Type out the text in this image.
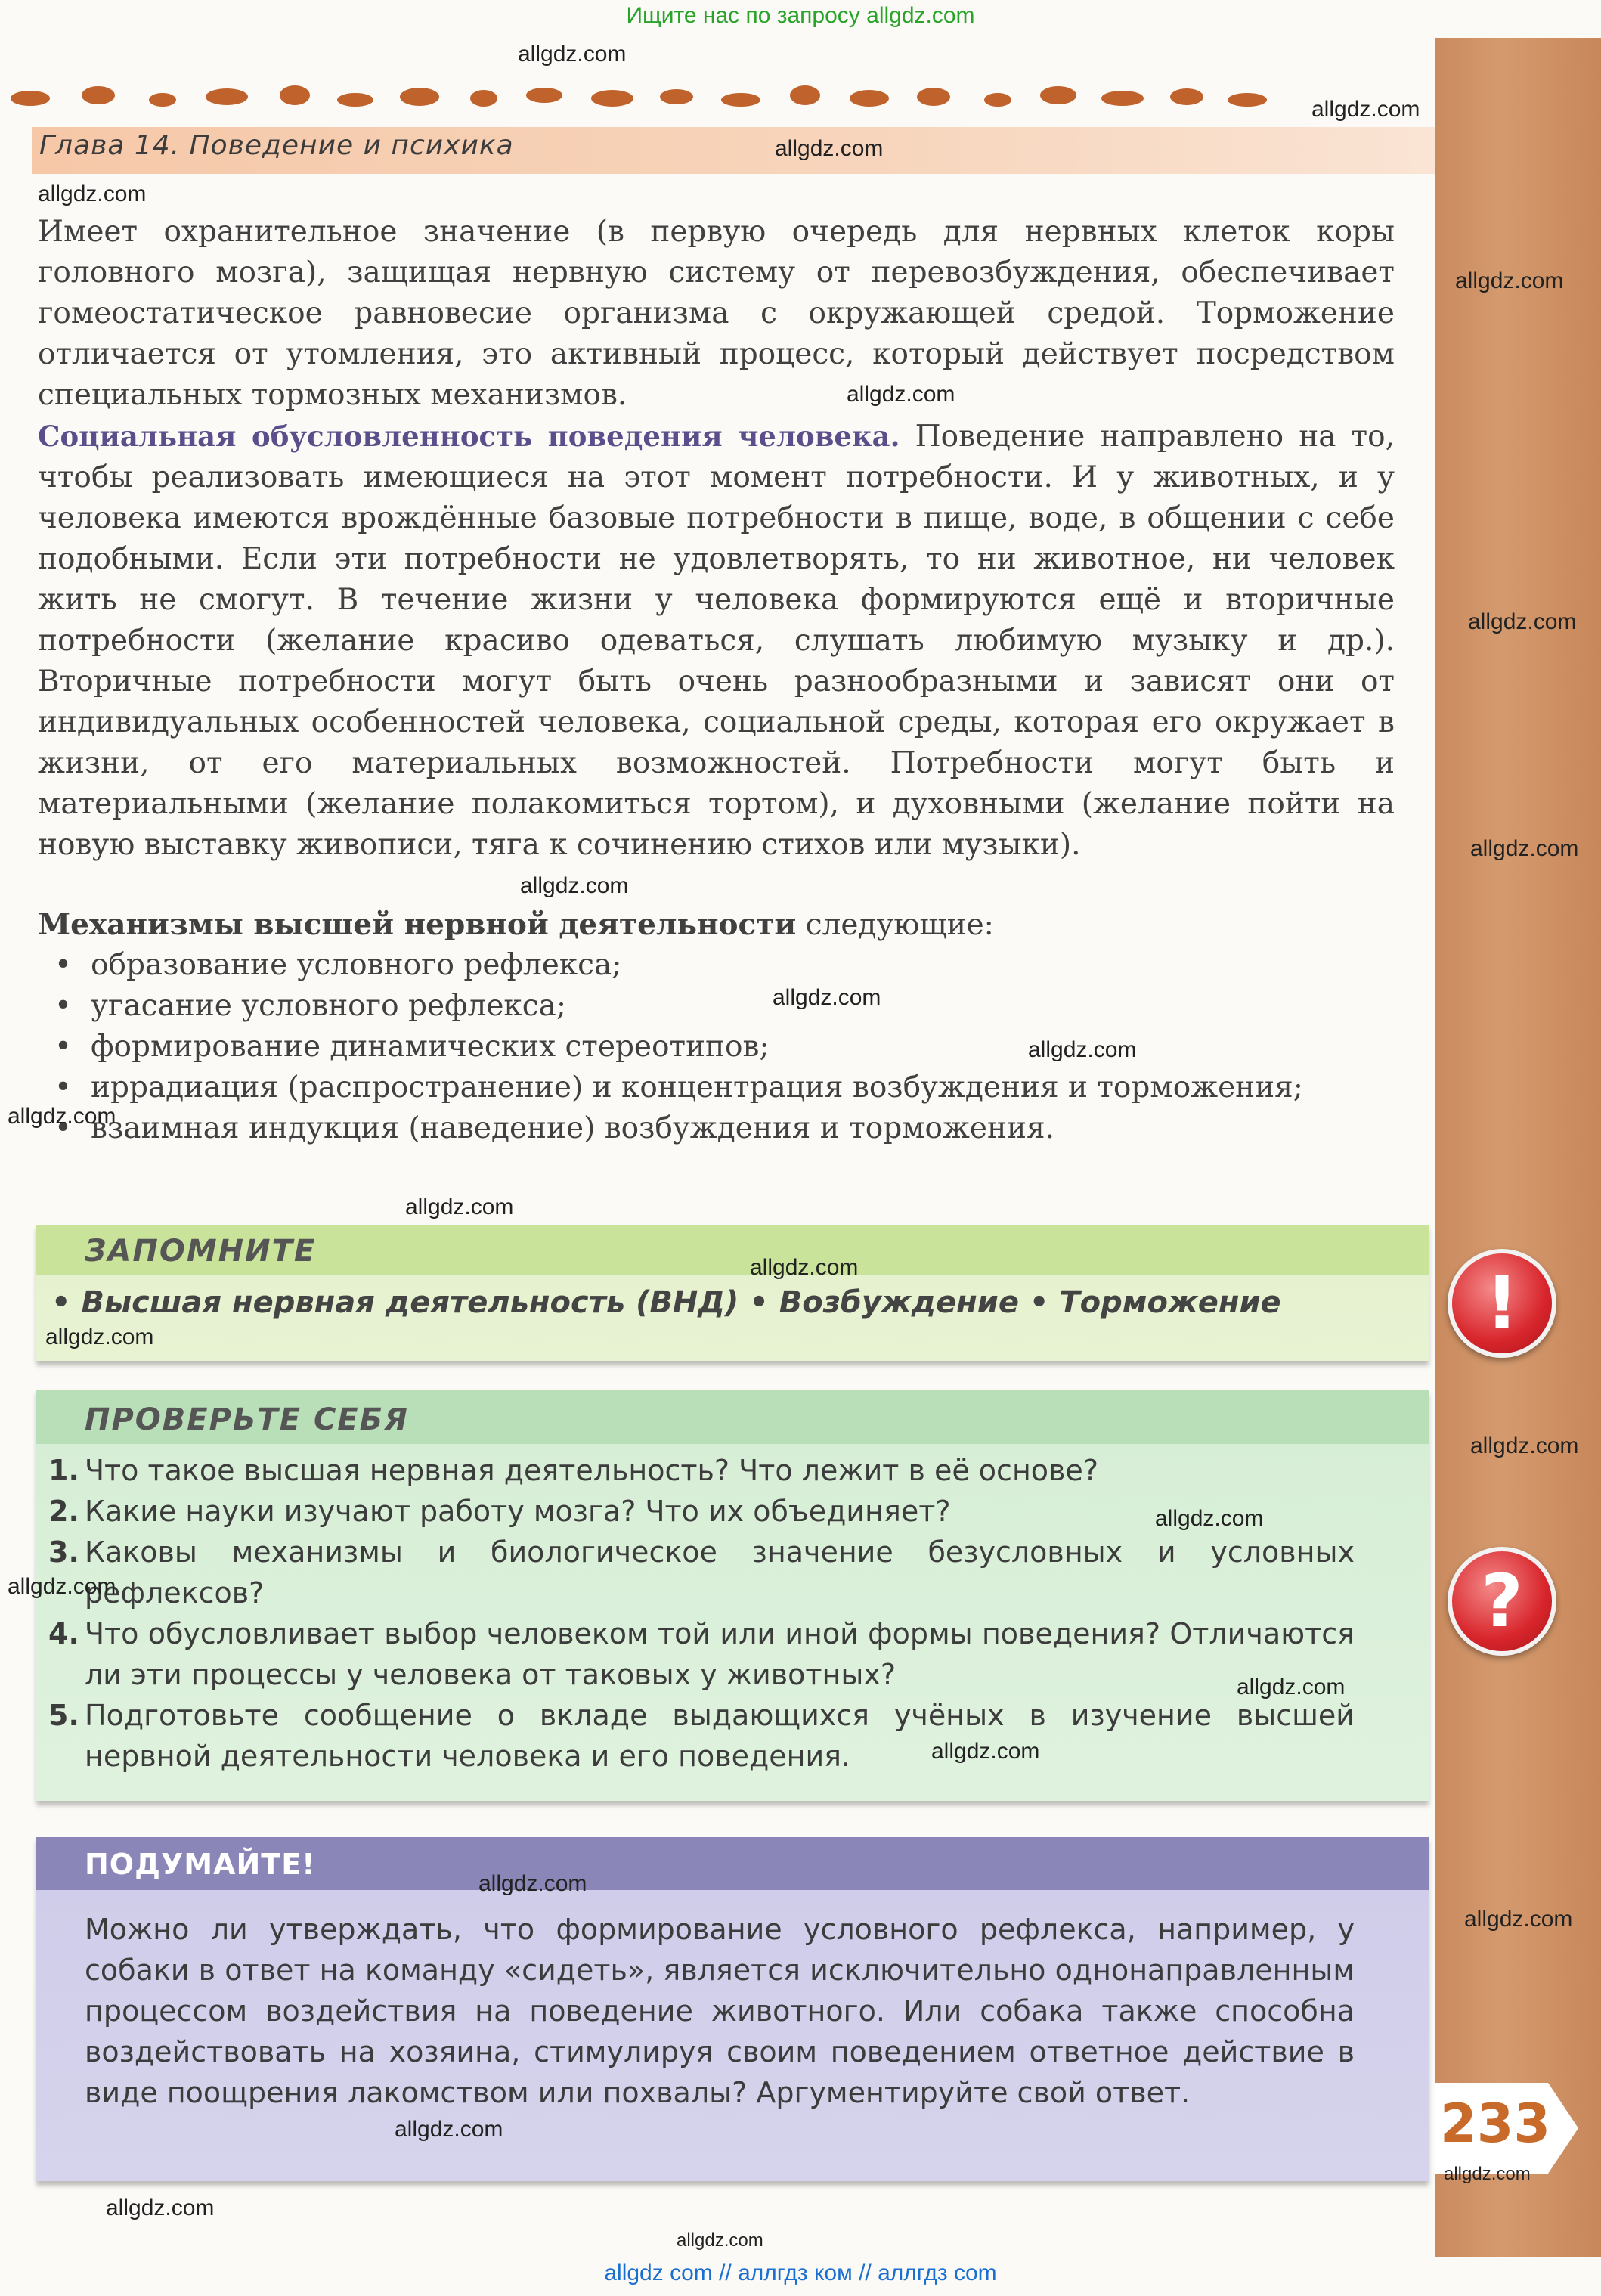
Ищите нас по запросу allgdz.com
Глава 14. Поведение и психика

Имеет охранительное значение (в первую очередь для нервных клеток коры головного мозга), защищая нервную систему от перевозбуждения, обеспечивает гомеостатическое равновесие организма с окружающей средой. Торможение отличается от утомления, это активный процесс, который действует посредством специальных тормозных механизмов.

Социальная обусловленность поведения человека. Поведение направлено на то, чтобы реализовать имеющиеся на этот момент потребности. И у животных, и у человека имеются врождённые базовые потребности в пище, воде, в общении с себе подобными. Если эти потребности не удовлетворять, то ни животное, ни человек жить не смогут. В течение жизни у человека формируются ещё и вторичные потребности (желание красиво одеваться, слушать любимую музыку и др.). Вторичные потребности могут быть очень разнообразными и зависят они от индивидуальных особенностей человека, социальной среды, которая его окружает в жизни, от его материальных возможностей. Потребности могут быть и материальными (желание полакомиться тортом), и духовными (желание пойти на новую выставку живописи, тяга к сочинению стихов или музыки).

Механизмы высшей нервной деятельности следующие:

• образование условного рефлекса;
• угасание условного рефлекса;
• формирование динамических стереотипов;
• иррадиация (распространение) и концентрация возбуждения и торможения;
• взаимная индукция (наведение) возбуждения и торможения.
ЗАПОМНИТЕ
• Высшая нервная деятельность (ВНД) • Возбуждение • Торможение
ПРОВЕРЬТЕ СЕБЯ
1. Что такое высшая нервная деятельность? Что лежит в её основе?
2. Какие науки изучают работу мозга? Что их объединяет?
3. Каковы механизмы и биологическое значение безусловных и условных рефлексов?
4. Что обусловливает выбор человеком той или иной формы поведения? Отличаются ли эти процессы у человека от таковых у животных?
5. Подготовьте сообщение о вкладе выдающихся учёных в изучение высшей нервной деятельности человека и его поведения.
ПОДУМАЙТЕ!

Можно ли утверждать, что формирование условного рефлекса, например, у собаки в ответ на команду «сидеть», является исключительно однонаправленным процессом воздействия на поведение животного. Или собака также способна воздействовать на хозяина, стимулируя своим поведением ответное действие в виде поощрения лакомством или похвалы? Аргументируйте свой ответ.

!
?
233
allgdz.com
allgdz.com
allgdz.com
allgdz.com
allgdz.com
allgdz.com
allgdz.com
allgdz.com
allgdz.com
allgdz.com
allgdz.com
allgdz.com
allgdz.com
allgdz.com
allgdz.com
allgdz.com
allgdz.com
allgdz.com
allgdz.com
allgdz.com
allgdz.com
allgdz.com
allgdz.com
allgdz.com
allgdz.com
allgdz.com
allgdz com // аллгдз ком // аллгдз com
